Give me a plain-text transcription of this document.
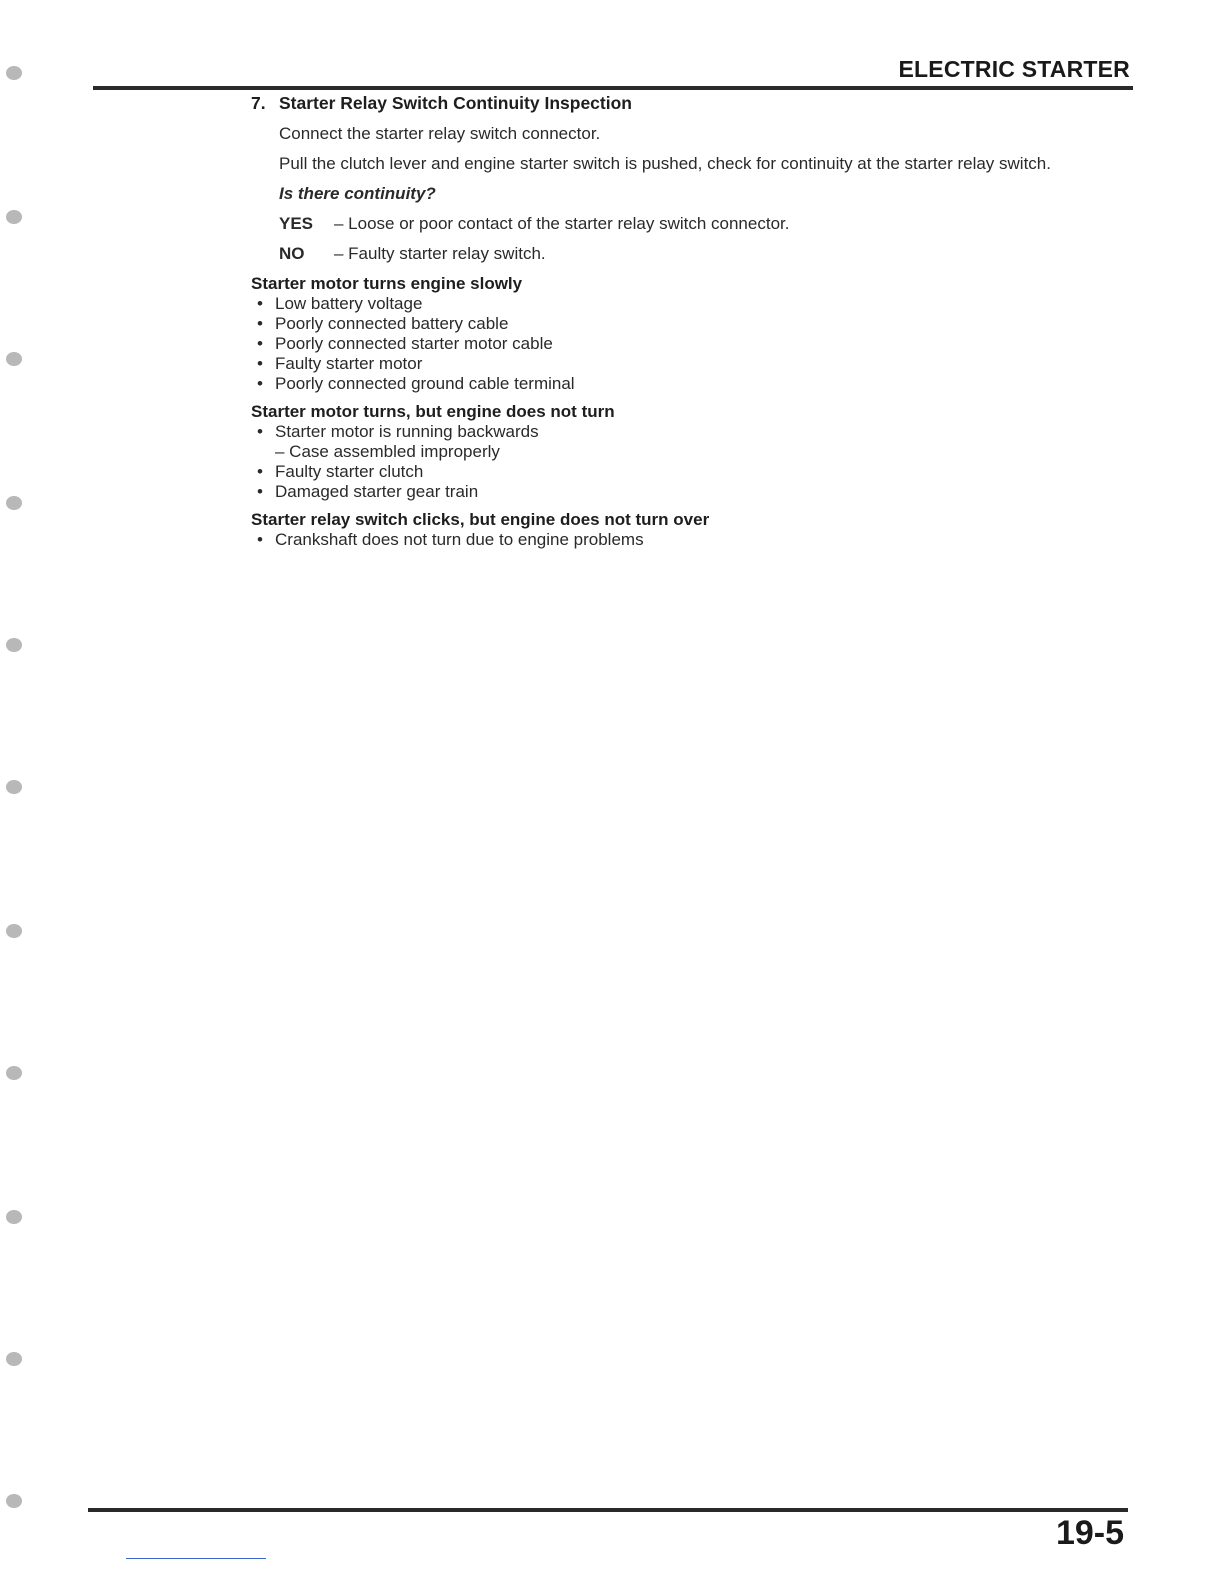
ELECTRIC STARTER
7. Starter Relay Switch Continuity Inspection

Connect the starter relay switch connector.

Pull the clutch lever and engine starter switch is pushed, check for continuity at the starter relay switch.

Is there continuity?

YES	– Loose or poor contact of the starter relay switch connector.
NO	– Faulty starter relay switch.
Starter motor turns engine slowly
• Low battery voltage
• Poorly connected battery cable
• Poorly connected starter motor cable
• Faulty starter motor
• Poorly connected ground cable terminal
Starter motor turns, but engine does not turn
• Starter motor is running backwards
– Case assembled improperly
• Faulty starter clutch
• Damaged starter gear train
Starter relay switch clicks, but engine does not turn over
• Crankshaft does not turn due to engine problems
19-5
